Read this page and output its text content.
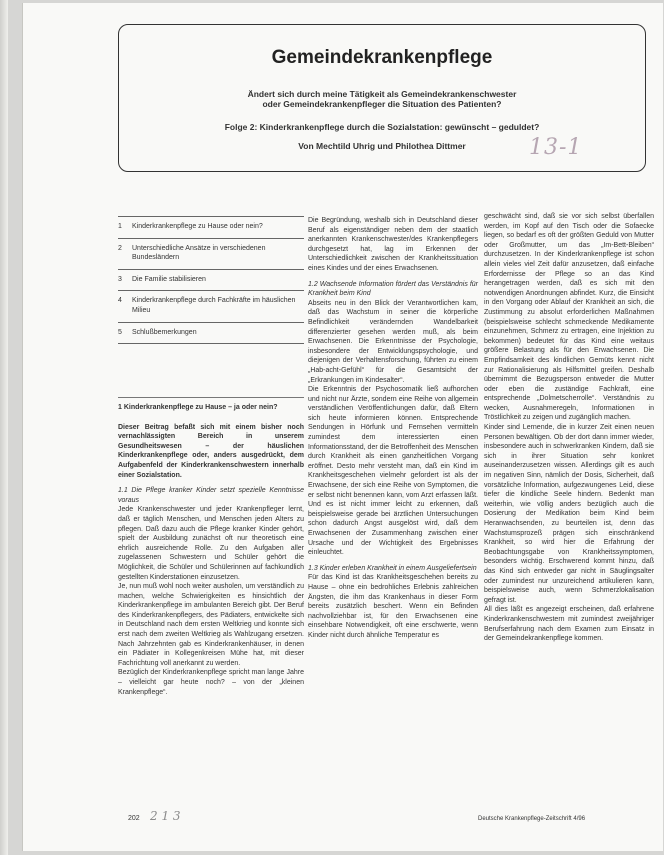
Gemeindekrankenpflege
Ändert sich durch meine Tätigkeit als Gemeindekrankenschwester
oder Gemeindekrankenpfleger die Situation des Patienten?
Folge 2: Kinderkrankenpflege durch die Sozialstation: gewünscht – geduldet?
Von Mechtild Uhrig und Philothea Dittmer	13-1
1	Kinderkrankenpflege zu Hause oder nein?
2	Unterschiedliche Ansätze in verschiedenen Bundesländern
3	Die Familie stabilisieren
4	Kinderkrankenpflege durch Fachkräfte im häuslichen Milieu
5	Schlußbemerkungen

1 Kinderkrankenpflege zu Hause – ja oder nein?

Dieser Beitrag befaßt sich mit einem bisher noch vernachlässigten Bereich in unserem Gesundheitswesen – der häuslichen Kinderkrankenpflege oder, anders ausgedrückt, dem Aufgabenfeld der Kinderkrankenschwestern innerhalb einer Sozialstation.

1.1 Die Pflege kranker Kinder setzt spezielle Kenntnisse voraus

Jede Krankenschwester und jeder Krankenpfleger lernt, daß er täglich Menschen, und Menschen jeden Alters zu pflegen. Daß dazu auch die Pflege kranker Kinder gehört, spielt der Ausbildung zunächst oft nur theoretisch eine ehrlich ausreichende Rolle. Zu den Aufgaben aller zugelassenen Schwestern und Schüler gehört die Möglichkeit, die Schüler und Schülerinnen auf fachkundlich gestellten Kinderstationen einzusetzen.

Je, nun muß wohl noch weiter ausholen, um verständlich zu machen, welche Schwierigkeiten es hinsichtlich der Kinderkrankenpflege im ambulanten Bereich gibt. Der Beruf des Kinderkrankenpflegers, des Pädiaters, entwickelte sich in Deutschland nach dem ersten Weltkrieg und konnte sich erst nach dem zweiten Weltkrieg als Wahlzugang ersetzen. Nach Jahrzehnten gab es Kinderkrankenhäuser, in denen ein Pädiater in Kollegenkreisen Mühe hat, mit dieser Fachrichtung voll anerkannt zu werden.

Bezüglich der Kinderkrankenpflege spricht man lange Jahre – vielleicht gar heute noch? – von der „kleinen Krankenpflege“.

Die Begründung, weshalb sich in Deutschland dieser Beruf als eigenständiger neben dem der staatlich anerkannten Krankenschwester/des Krankenpflegers durchgesetzt hat, lag im Erkennen der Unterschiedlichkeit zwischen der Krankheitssituation eines Kindes und der eines Erwachsenen.

1.2 Wachsende Information fördert das Verständnis für Krankheit beim Kind

Abseits neu in den Blick der Verantwortlichen kam, daß das Wachstum in seiner die körperliche Befindlichkeit verändernden Wandelbarkeit differenzierter gesehen werden muß, als beim Erwachsenen. Die Erkenntnisse der Psychologie, insbesondere der Entwicklungspsychologie, und diejenigen der Verhaltensforschung, führten zu einem „Hab-acht-Gefühl“ für die Gesamtsicht der „Erkrankungen im Kindesalter“.

Die Erkenntnis der Psychosomatik ließ aufhorchen und nicht nur Ärzte, sondern eine Reihe von allgemein verständlichen Veröffentlichungen dafür, daß Eltern sich heute informieren können. Entsprechende Sendungen in Hörfunk und Fernsehen vermitteln zumindest dem interessierten einen Informationsstand, der die Betroffenheit des Menschen durch Krankheit als einen ganzheitlichen Vorgang eröffnet. Desto mehr versteht man, daß ein Kind im Krankheitsgeschehen vielmehr gefordert ist als der Erwachsene, der sich eine Reihe von Symptomen, die er selbst nicht benennen kann, vom Arzt erfassen läßt. Und es ist nicht immer leicht zu erkennen, daß beispielsweise gerade bei ärztlichen Untersuchungen schon dadurch Angst ausgelöst wird, daß dem Erwachsenen der Zusammenhang zwischen einer Ursache und der Wichtigkeit des Ergebnisses einleuchtet.

1.3 Kinder erleben Krankheit in einem Ausgeliefertsein

Für das Kind ist das Krankheitsgeschehen bereits zu Hause – ohne ein bedrohliches Erlebnis zahlreichen Ängsten, die ihm das Krankenhaus in dieser Form bereits zusätzlich beschert. Wenn ein Befinden nachvollziehbar ist, für den Erwachsenen eine einsehbare Notwendigkeit, oft eine erschwerte, wenn Kinder nicht durch ähnliche Temperatur es

geschwächt sind, daß sie vor sich selbst überfallen werden, im Kopf auf den Tisch oder die Sofaecke liegen, so bedarf es oft der größten Geduld von Mutter oder Großmutter, um das „Im-Bett-Bleiben“ durchzusetzen. In der Kinderkrankenpflege ist schon allein vieles viel Zeit dafür anzusetzen, daß einfache Erfordernisse der Pflege so an das Kind herangetragen werden, daß es sich mit den notwendigen Anordnungen abfindet. Kurz, die Einsicht in den Vorgang oder Ablauf der Krankheit an sich, die Zustimmung zu absolut erforderlichen Maßnahmen (beispielsweise schlecht schmeckende Medikamente einzunehmen, Schmerz zu ertragen, eine Injektion zu bekommen) bedeutet für das Kind eine weitaus größere Belastung als für den Erwachsenen. Die Empfindsamkeit des kindlichen Gemüts kennt nicht zur Rationalisierung als Hilfsmittel greifen. Deshalb übernimmt die Bezugsperson entweder die Mutter oder eben die zuständige Fachkraft, eine entsprechende „Dolmetscherrolle“. Verständnis zu wecken, Ausnahmeregeln, Informationen in Tröstlichkeit zu zeigen und zugänglich machen.

Kinder sind Lernende, die in kurzer Zeit einen neuen Personen bewältigen. Ob der dort dann immer wieder, insbesondere auch in schwerkranken Kindern, daß sie sich in ihrer Situation sehr konkret auseinanderzusetzen wissen. Allerdings gilt es auch im negativen Sinn, nämlich der Dosis, Sicherheit, daß vorsätzliche Information, aufgezwungenes Leid, diese tiefer die kindliche Seele hindern. Bedenkt man weiterhin, wie völlig anders bezüglich auch die Dosierung der Medikation beim Kind beim Heranwachsenden, zu beurteilen ist, denn das Wachstumsprozeß prägen sich einschränkend Krankheit, so wird hier die Erfahrung der Beobachtungsgabe von Krankheitssymptomen, besonders wichtig. Erschwerend kommt hinzu, daß das Kind sich entweder gar nicht in Säuglingsalter oder zumindest nur unzureichend artikulieren kann, beispielsweise auch, wenn Schmerzlokalisation gefragt ist.

All dies läßt es angezeigt erscheinen, daß erfahrene Kinderkrankenschwestern mit zumindest zweijähriger Berufserfahrung nach dem Examen zum Einsatz in der Gemeindekrankenpflege kommen.

202 2 1 3	Deutsche Krankenpflege-Zeitschrift 4/96
